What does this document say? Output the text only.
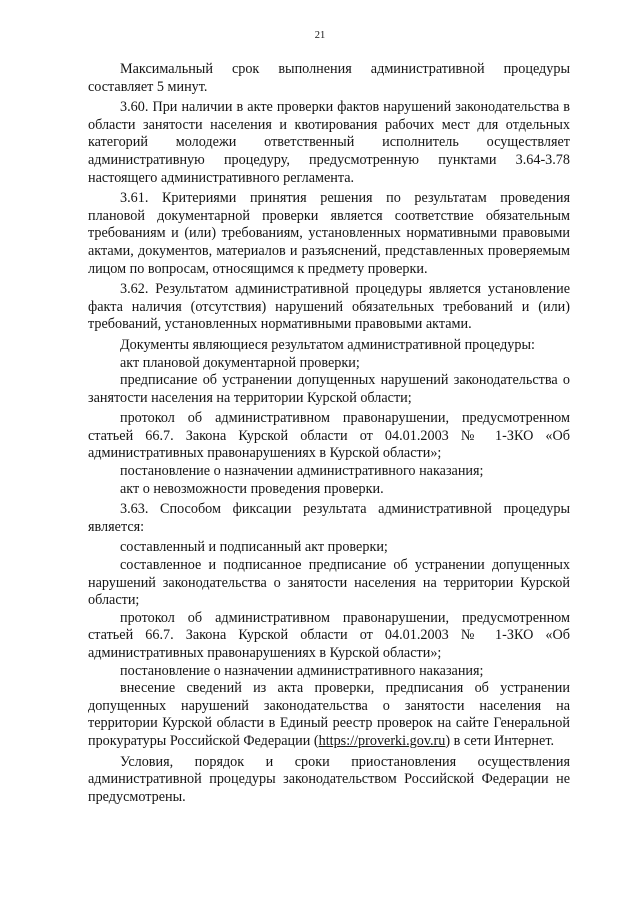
21

Максимальный срок выполнения административной процедуры составляет 5 минут.

3.60. При наличии в акте проверки фактов нарушений законодательства в области занятости населения и квотирования рабочих мест для отдельных категорий молодежи ответственный исполнитель осуществляет административную процедуру, предусмотренную пунктами 3.64-3.78 настоящего административного регламента.

3.61. Критериями принятия решения по результатам проведения плановой документарной проверки является соответствие обязательным требованиям и (или) требованиям, установленных нормативными правовыми актами, документов, материалов и разъяснений, представленных проверяемым лицом по вопросам, относящимся к предмету проверки.

3.62. Результатом административной процедуры является установление факта наличия (отсутствия) нарушений обязательных требований и (или) требований, установленных нормативными правовыми актами.

Документы являющиеся результатом административной процедуры:

акт плановой документарной проверки;

предписание об устранении допущенных нарушений законодательства о занятости населения на территории Курской области;

протокол об административном правонарушении, предусмотренном статьей 66.7. Закона Курской области от 04.01.2003 № 1-ЗКО «Об административных правонарушениях в Курской области»;

постановление о назначении административного наказания;

акт о невозможности проведения проверки.

3.63. Способом фиксации результата административной процедуры является:

составленный и подписанный акт проверки;

составленное и подписанное предписание об устранении допущенных нарушений законодательства о занятости населения на территории Курской области;

протокол об административном правонарушении, предусмотренном статьей 66.7. Закона Курской области от 04.01.2003 № 1-ЗКО «Об административных правонарушениях в Курской области»;

постановление о назначении административного наказания;

внесение сведений из акта проверки, предписания об устранении допущенных нарушений законодательства о занятости населения на территории Курской области в Единый реестр проверок на сайте Генеральной прокуратуры Российской Федерации (https://proverki.gov.ru) в сети Интернет.

Условия, порядок и сроки приостановления осуществления административной процедуры законодательством Российской Федерации не предусмотрены.
